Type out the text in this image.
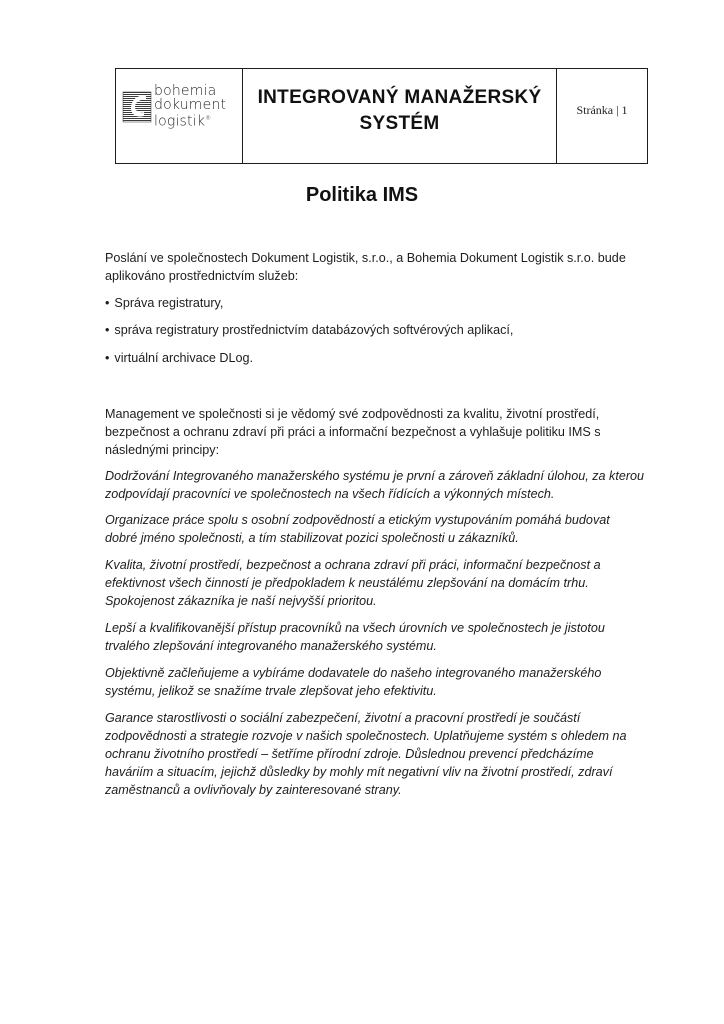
bohemia
dokument
logistik®
INTEGROVANÝ MANAŽERSKÝ
SYSTÉM
Stránka | 1
Politika IMS

Poslání ve společnostech Dokument Logistik, s.r.o., a Bohemia Dokument Logistik s.r.o. bude aplikováno prostřednictvím služeb:

• Správa registratury,

• správa registratury prostřednictvím databázových softvérových aplikací,

• virtuální archivace DLog.

Management ve společnosti si je vědomý své zodpovědnosti za kvalitu, životní prostředí, bezpečnost a ochranu zdraví při práci a informační bezpečnost a vyhlašuje politiku IMS s následnými principy:

Dodržování Integrovaného manažerského systému je první a zároveň základní úlohou, za kterou zodpovídají pracovníci ve společnostech na všech řídících a výkonných místech.

Organizace práce spolu s osobní zodpovědností a etickým vystupováním pomáhá budovat dobré jméno společnosti, a tím stabilizovat pozici společnosti u zákazníků.

Kvalita, životní prostředí, bezpečnost a ochrana zdraví při práci, informační bezpečnost a efektivnost všech činností je předpokladem k neustálému zlepšování na domácím trhu. Spokojenost zákazníka je naší nejvyšší prioritou.

Lepší a kvalifikovanější přístup pracovníků na všech úrovních ve společnostech je jistotou trvalého zlepšování integrovaného manažerského systému.

Objektivně začleňujeme a vybíráme dodavatele do našeho integrovaného manažerského systému, jelikož se snažíme trvale zlepšovat jeho efektivitu.

Garance starostlivosti o sociální zabezpečení, životní a pracovní prostředí je součástí zodpovědnosti a strategie rozvoje v našich společnostech. Uplatňujeme systém s ohledem na ochranu životního prostředí – šetříme přírodní zdroje. Důslednou prevencí předcházíme haváriím a situacím, jejichž důsledky by mohly mít negativní vliv na životní prostředí, zdraví zaměstnanců a ovlivňovaly by zainteresované strany.
